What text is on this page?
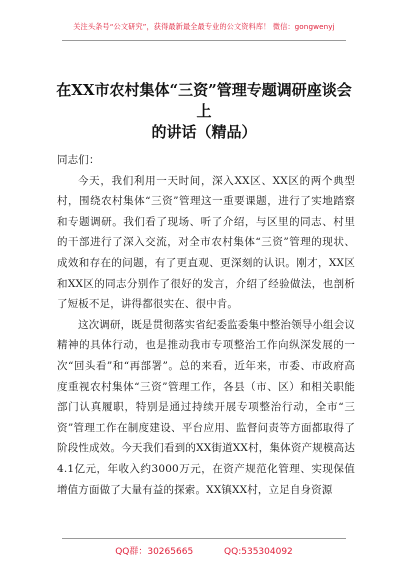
关注头条号“公文研究”，获得最新最全最专业的公文资料库！ 微信：gongwenyj
在XX市农村集体“三资”管理专题调研座谈会上
的讲话（精品）

同志们：

今天，我们利用一天时间，深入XX区、XX区的两个典型村，围绕农村集体“三资”管理这一重要课题，进行了实地踏察和专题调研。我们看了现场、听了介绍，与区里的同志、村里的干部进行了深入交流，对全市农村集体“三资”管理的现状、成效和存在的问题，有了更直观、更深刻的认识。刚才，XX区和XX区的同志分别作了很好的发言，介绍了经验做法，也剖析了短板不足，讲得都很实在、很中肯。

这次调研，既是贯彻落实省纪委监委集中整治领导小组会议精神的具体行动，也是推动我市专项整治工作向纵深发展的一次“回头看”和“再部署”。总的来看，近年来，市委、市政府高度重视农村集体“三资”管理工作，各县（市、区）和相关职能部门认真履职，特别是通过持续开展专项整治行动，全市“三资”管理工作在制度建设、平台应用、监督问责等方面都取得了阶段性成效。今天我们看到的XX街道XX村，集体资产规模高达4.1亿元，年收入约3000万元，在资产规范化管理、实现保值增值方面做了大量有益的探索。XX镇XX村，立足自身资源

QQ群：30265665	QQ:535304092
